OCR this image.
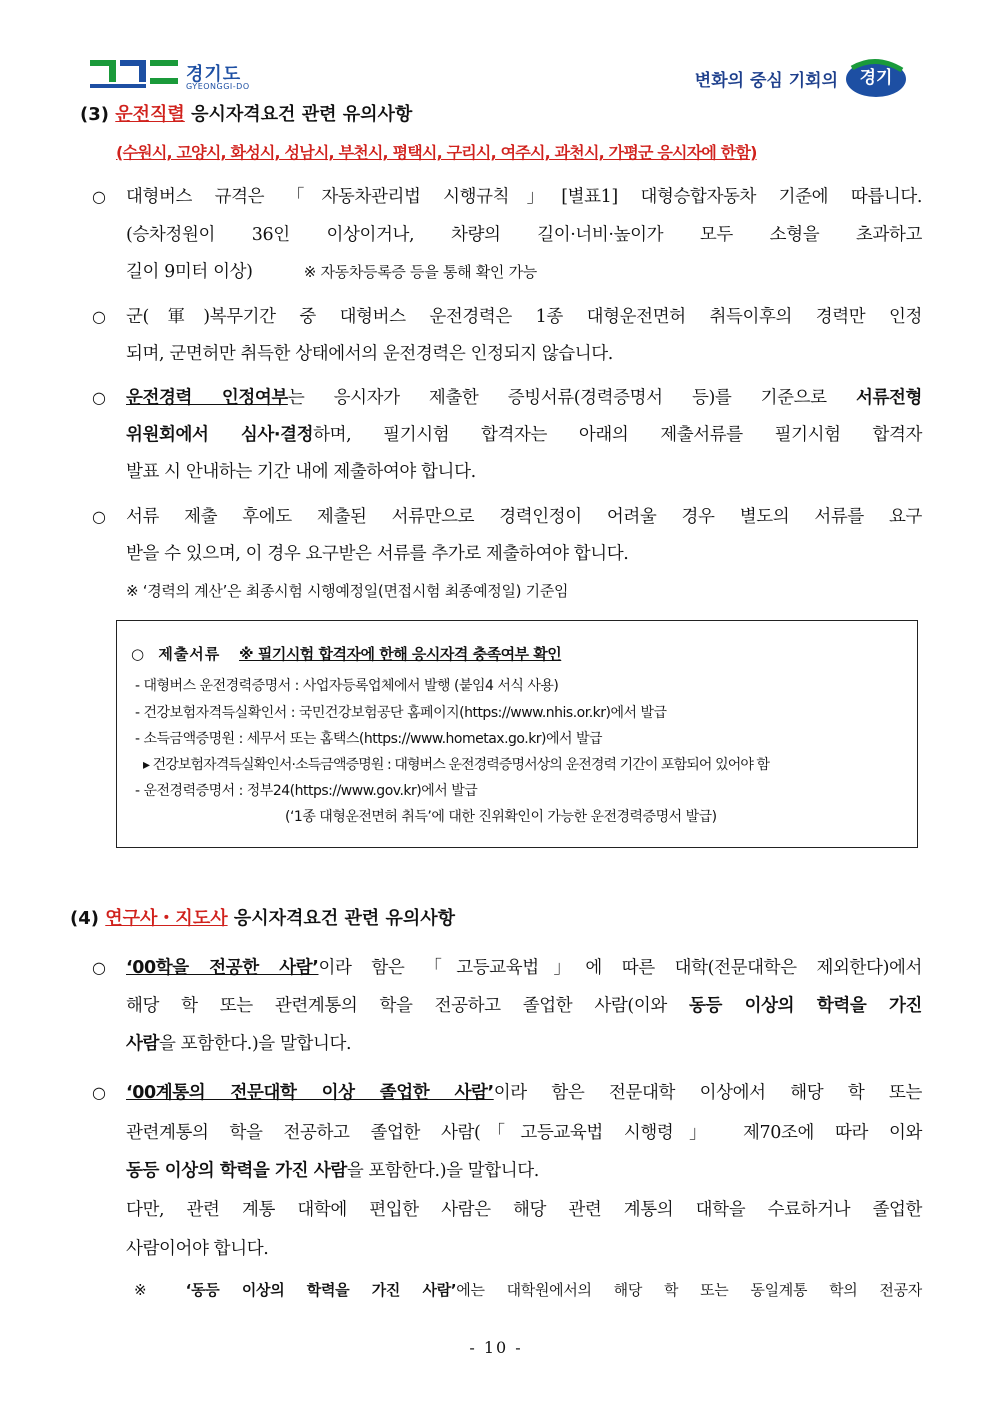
경기도
GYEONGGI-DO	변화의 중심 기회의	경기
(3) 운전직렬 응시자격요건 관련 유의사항
(수원시, 고양시, 화성시, 성남시, 부천시, 평택시, 구리시, 여주시, 과천시, 가평군 응시자에 한함)
○	대형버스 규격은 「자동차관리법 시행규칙」[별표1] 대형승합자동차 기준에 따릅니다.
(승차정원이 36인 이상이거나, 차량의 길이·너비·높이가 모두 소형을 초과하고
길이 9미터 이상)	※ 자동차등록증 등을 통해 확인 가능
○	군(軍)복무기간 중 대형버스 운전경력은 1종 대형운전면허 취득이후의 경력만 인정
되며, 군면허만 취득한 상태에서의 운전경력은 인정되지 않습니다.
○	운전경력 인정여부는 응시자가 제출한 증빙서류(경력증명서 등)를 기준으로 서류전형
위원회에서 심사·결정하며, 필기시험 합격자는 아래의 제출서류를 필기시험 합격자
발표 시 안내하는 기간 내에 제출하여야 합니다.
○	서류 제출 후에도 제출된 서류만으로 경력인정이 어려울 경우 별도의 서류를 요구
받을 수 있으며, 이 경우 요구받은 서류를 추가로 제출하여야 합니다.
※ ‘경력의 계산’은 최종시험 시행예정일(면접시험 최종예정일) 기준임
○ 제출서류 ※ 필기시험 합격자에 한해 응시자격 충족여부 확인
- 대형버스 운전경력증명서 : 사업자등록업체에서 발행 (붙임4 서식 사용)
- 건강보험자격득실확인서 : 국민건강보험공단 홈페이지(https://www.nhis.or.kr)에서 발급
- 소득금액증명원 : 세무서 또는 홈택스(https://www.hometax.go.kr)에서 발급
▸ 건강보험자격득실확인서·소득금액증명원 : 대형버스 운전경력증명서상의 운전경력 기간이 포함되어 있어야 함
- 운전경력증명서 : 정부24(https://www.gov.kr)에서 발급
(‘1종 대형운전면허 취득’에 대한 진위확인이 가능한 운전경력증명서 발급)
(4) 연구사・지도사 응시자격요건 관련 유의사항
○	‘00학을 전공한 사람’이라 함은 「고등교육법」에 따른 대학(전문대학은 제외한다)에서
해당 학 또는 관련계통의 학을 전공하고 졸업한 사람(이와 동등 이상의 학력을 가진
사람을 포함한다.)을 말합니다.
○	‘00계통의 전문대학 이상 졸업한 사람’이라 함은 전문대학 이상에서 해당 학 또는
관련계통의 학을 전공하고 졸업한 사람(「고등교육법 시행령」 제70조에 따라 이와
동등 이상의 학력을 가진 사람을 포함한다.)을 말합니다.
다만, 관련 계통 대학에 편입한 사람은 해당 관련 계통의 대학을 수료하거나 졸업한
사람이어야 합니다.
※ ‘동등 이상의 학력을 가진 사람’에는 대학원에서의 해당 학 또는 동일계통 학의 전공자
- 10 -
